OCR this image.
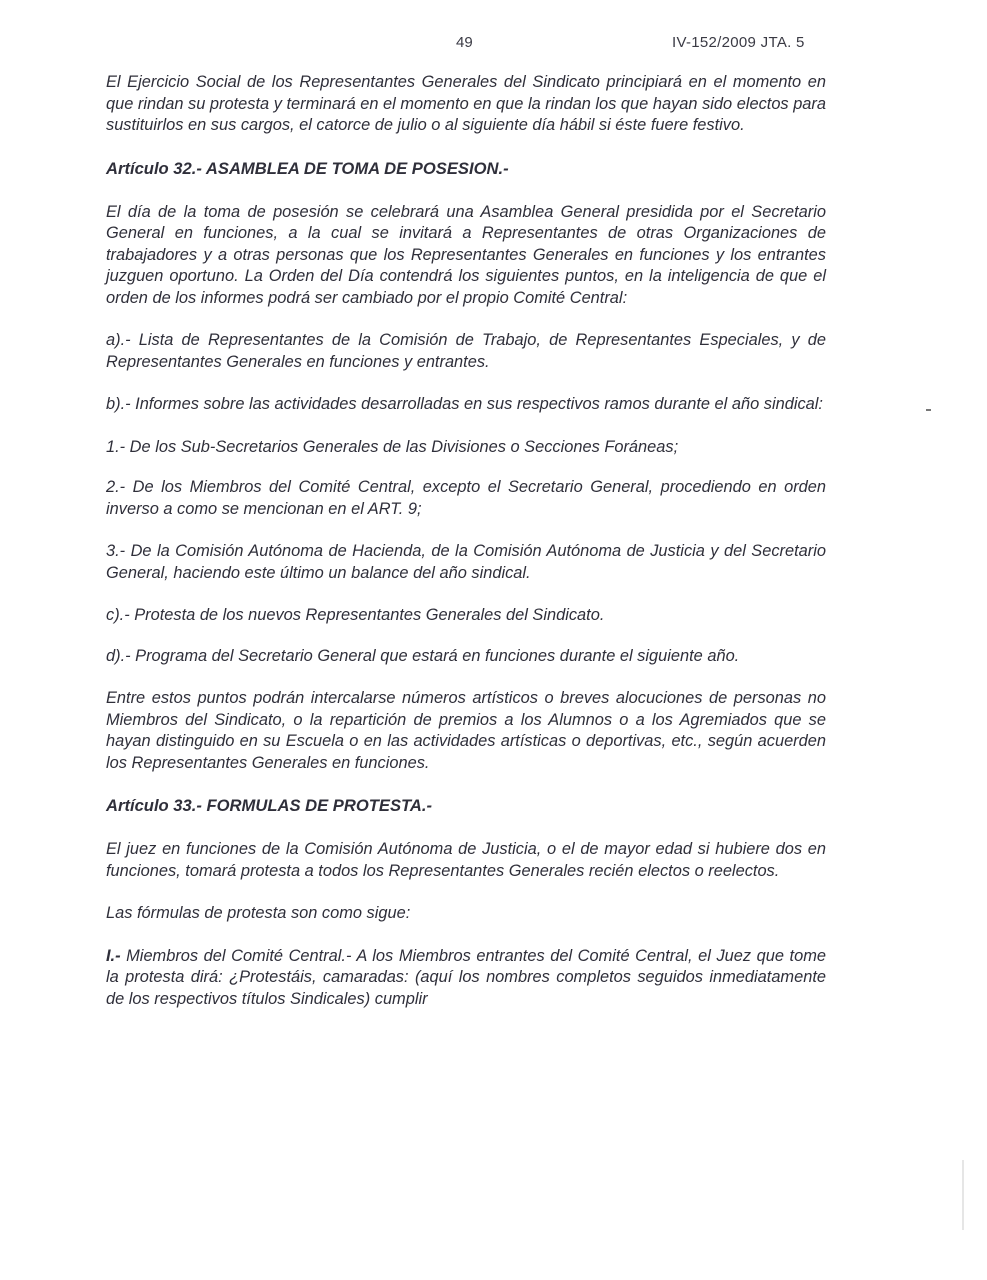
49	IV-152/2009 JTA. 5

El Ejercicio Social de los Representantes Generales del Sindicato principiará en el momento en que rindan su protesta y terminará en el momento en que la rindan los que hayan sido electos para sustituirlos en sus cargos, el catorce de julio o al siguiente día hábil si éste fuere festivo.

Artículo 32.- ASAMBLEA DE TOMA DE POSESION.-

El día de la toma de posesión se celebrará una Asamblea General presidida por el Secretario General en funciones, a la cual se invitará a Representantes de otras Organizaciones de trabajadores y a otras personas que los Representantes Generales en funciones y los entrantes juzguen oportuno. La Orden del Día contendrá los siguientes puntos, en la inteligencia de que el orden de los informes podrá ser cambiado por el propio Comité Central:

a).- Lista de Representantes de la Comisión de Trabajo, de Representantes Especiales, y de Representantes Generales en funciones y entrantes.

b).- Informes sobre las actividades desarrolladas en sus respectivos ramos durante el año sindical:

1.- De los Sub-Secretarios Generales de las Divisiones o Secciones Foráneas;

2.- De los Miembros del Comité Central, excepto el Secretario General, procediendo en orden inverso a como se mencionan en el ART. 9;

3.- De la Comisión Autónoma de Hacienda, de la Comisión Autónoma de Justicia y del Secretario General, haciendo este último un balance del año sindical.

c).- Protesta de los nuevos Representantes Generales del Sindicato.

d).- Programa del Secretario General que estará en funciones durante el siguiente año.

Entre estos puntos podrán intercalarse números artísticos o breves alocuciones de personas no Miembros del Sindicato, o la repartición de premios a los Alumnos o a los Agremiados que se hayan distinguido en su Escuela o en las actividades artísticas o deportivas, etc., según acuerden los Representantes Generales en funciones.

Artículo 33.- FORMULAS DE PROTESTA.-

El juez en funciones de la Comisión Autónoma de Justicia, o el de mayor edad si hubiere dos en funciones, tomará protesta a todos los Representantes Generales recién electos o reelectos.

Las fórmulas de protesta son como sigue:

I.- Miembros del Comité Central.- A los Miembros entrantes del Comité Central, el Juez que tome la protesta dirá: ¿Protestáis, camaradas: (aquí los nombres completos seguidos inmediatamente de los respectivos títulos Sindicales) cumplir
